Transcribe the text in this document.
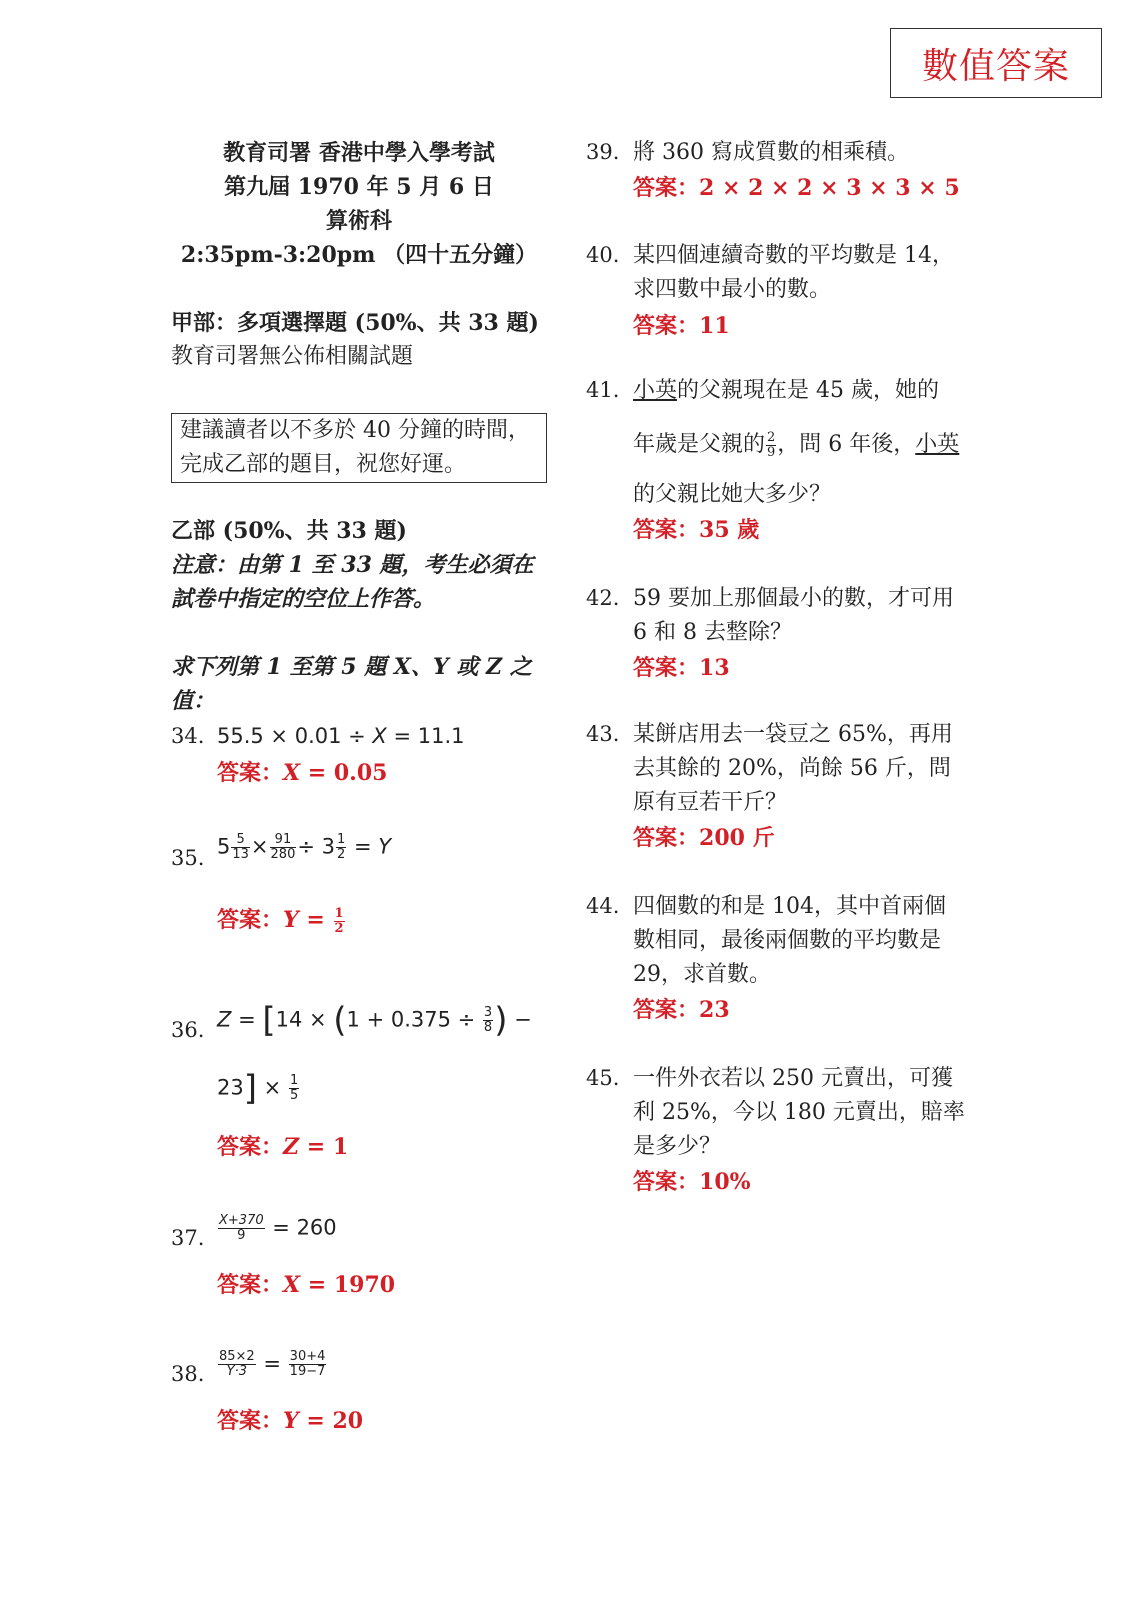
數值答案
教育司署 香港中學入學考試
第九屆 1970 年 5 月 6 日
算術科
2:35pm-3:20pm （四十五分鐘）
甲部：多項選擇題 (50%、共 33 題)
教育司署無公佈相關試題
建議讀者以不多於 40 分鐘的時間，完成乙部的題目，祝您好運。
乙部 (50%、共 33 題)
注意：由第 1 至 33 題，考生必須在
試卷中指定的空位上作答。
求下列第 1 至第 5 題 X、Y 或 Z 之
值：
34. 55.5 × 0.01 ÷ X = 11.1
答案：X = 0.05
35. $5 \frac{5}{13} \times \frac{91}{280} \div 3 \frac{1}{2} = Y$
答案：$Y = \frac{1}{2}$
36. $Z = [14 \times (1 + 0.375 \div \frac{3}{8}$ ) −
$23] \times \frac{1}{5}$
答案：Z = 1
37.	$\frac{X+370}{9} = 260$
答案：X = 1970
38.	$\frac{85\times 2}{Y\cdot 3} = \frac{30+4}{19-7}$
答案：Y = 20
39. 將 360 寫成質數的相乘積。
答案：2 × 2 × 2 × 3 × 3 × 5
40. 某四個連續奇數的平均數是 14，
求四數中最小的數。
答案：11
41. 小英的父親現在是 45 歲，她的
年歲是父親的 $\frac{2}{9}$ ，問 6 年後，小英
的父親比她大多少？
答案：35 歲
42. 59 要加上那個最小的數，才可用
6 和 8 去整除？
答案：13
43. 某餅店用去一袋豆之 65%，再用
去其餘的 20%，尚餘 56 斤，問
原有豆若干斤？
答案：200 斤
44. 四個數的和是 104，其中首兩個
數相同，最後兩個數的平均數是
29，求首數。
答案：23
45. 一件外衣若以 250 元賣出，可獲
利 25%，今以 180 元賣出，賠率
是多少？
答案：10%
